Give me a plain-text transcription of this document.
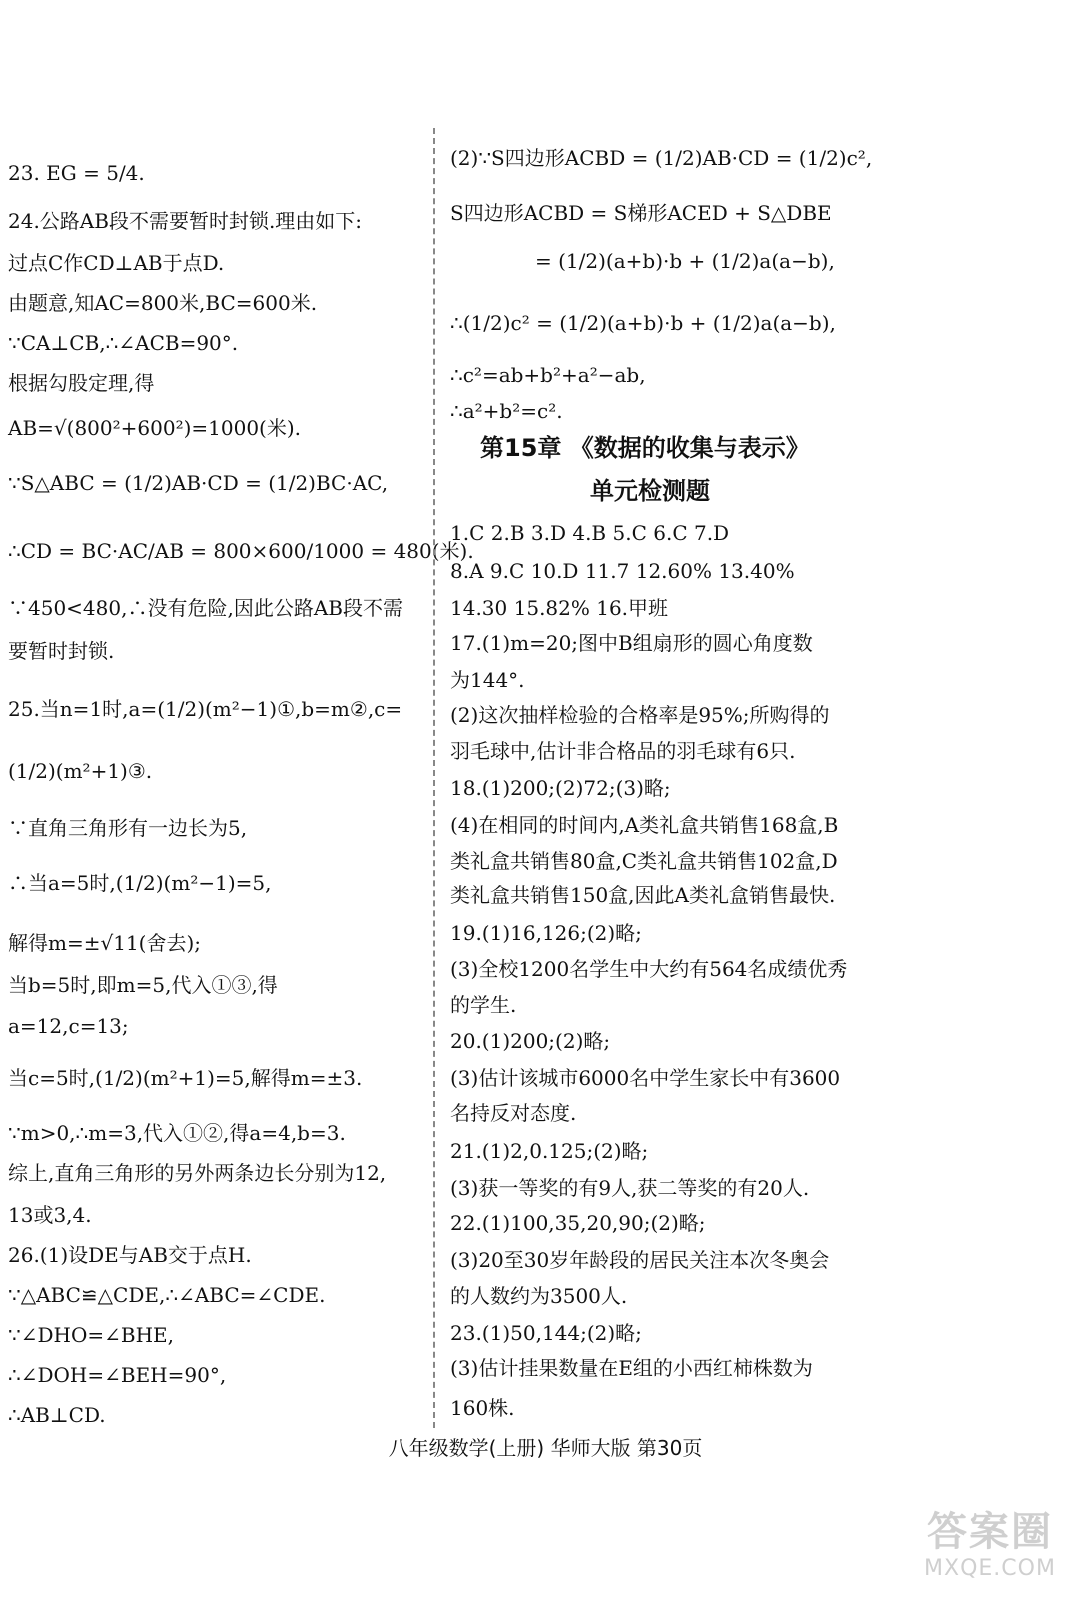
23. EG = 5/4.
24.公路AB段不需要暂时封锁.理由如下:
过点C作CD⊥AB于点D.
由题意,知AC=800米,BC=600米.
∵CA⊥CB,∴∠ACB=90°.
根据勾股定理,得
AB=√(800²+600²)=1000(米).
∵S△ABC = (1/2)AB·CD = (1/2)BC·AC,
∴CD = BC·AC/AB = 800×600/1000 = 480(米).
∵450<480,∴没有危险,因此公路AB段不需
要暂时封锁.
25.当n=1时,a=(1/2)(m²−1)①,b=m②,c=
(1/2)(m²+1)③.
∵直角三角形有一边长为5,
∴当a=5时,(1/2)(m²−1)=5,
解得m=±√11(舍去);
当b=5时,即m=5,代入①③,得
a=12,c=13;
当c=5时,(1/2)(m²+1)=5,解得m=±3.
∵m>0,∴m=3,代入①②,得a=4,b=3.
综上,直角三角形的另外两条边长分别为12,
13或3,4.
26.(1)设DE与AB交于点H.
∵△ABC≌△CDE,∴∠ABC=∠CDE.
∵∠DHO=∠BHE,
∴∠DOH=∠BEH=90°,
∴AB⊥CD.
(2)∵S四边形ACBD = (1/2)AB·CD = (1/2)c²,
S四边形ACBD = S梯形ACED + S△DBE
= (1/2)(a+b)·b + (1/2)a(a−b),
∴(1/2)c² = (1/2)(a+b)·b + (1/2)a(a−b),
∴c²=ab+b²+a²−ab,
∴a²+b²=c².
第15章 《数据的收集与表示》
单元检测题
1.C 2.B 3.D 4.B 5.C 6.C 7.D
8.A 9.C 10.D 11.7 12.60% 13.40%
14.30 15.82% 16.甲班
17.(1)m=20;图中B组扇形的圆心角度数
为144°.
(2)这次抽样检验的合格率是95%;所购得的
羽毛球中,估计非合格品的羽毛球有6只.
18.(1)200;(2)72;(3)略;
(4)在相同的时间内,A类礼盒共销售168盒,B
类礼盒共销售80盒,C类礼盒共销售102盒,D
类礼盒共销售150盒,因此A类礼盒销售最快.
19.(1)16,126;(2)略;
(3)全校1200名学生中大约有564名成绩优秀
的学生.
20.(1)200;(2)略;
(3)估计该城市6000名中学生家长中有3600
名持反对态度.
21.(1)2,0.125;(2)略;
(3)获一等奖的有9人,获二等奖的有20人.
22.(1)100,35,20,90;(2)略;
(3)20至30岁年龄段的居民关注本次冬奥会
的人数约为3500人.
23.(1)50,144;(2)略;
(3)估计挂果数量在E组的小西红柿株数为
160株.
八年级数学(上册) 华师大版 第30页
答案圈
MXQE.COM
